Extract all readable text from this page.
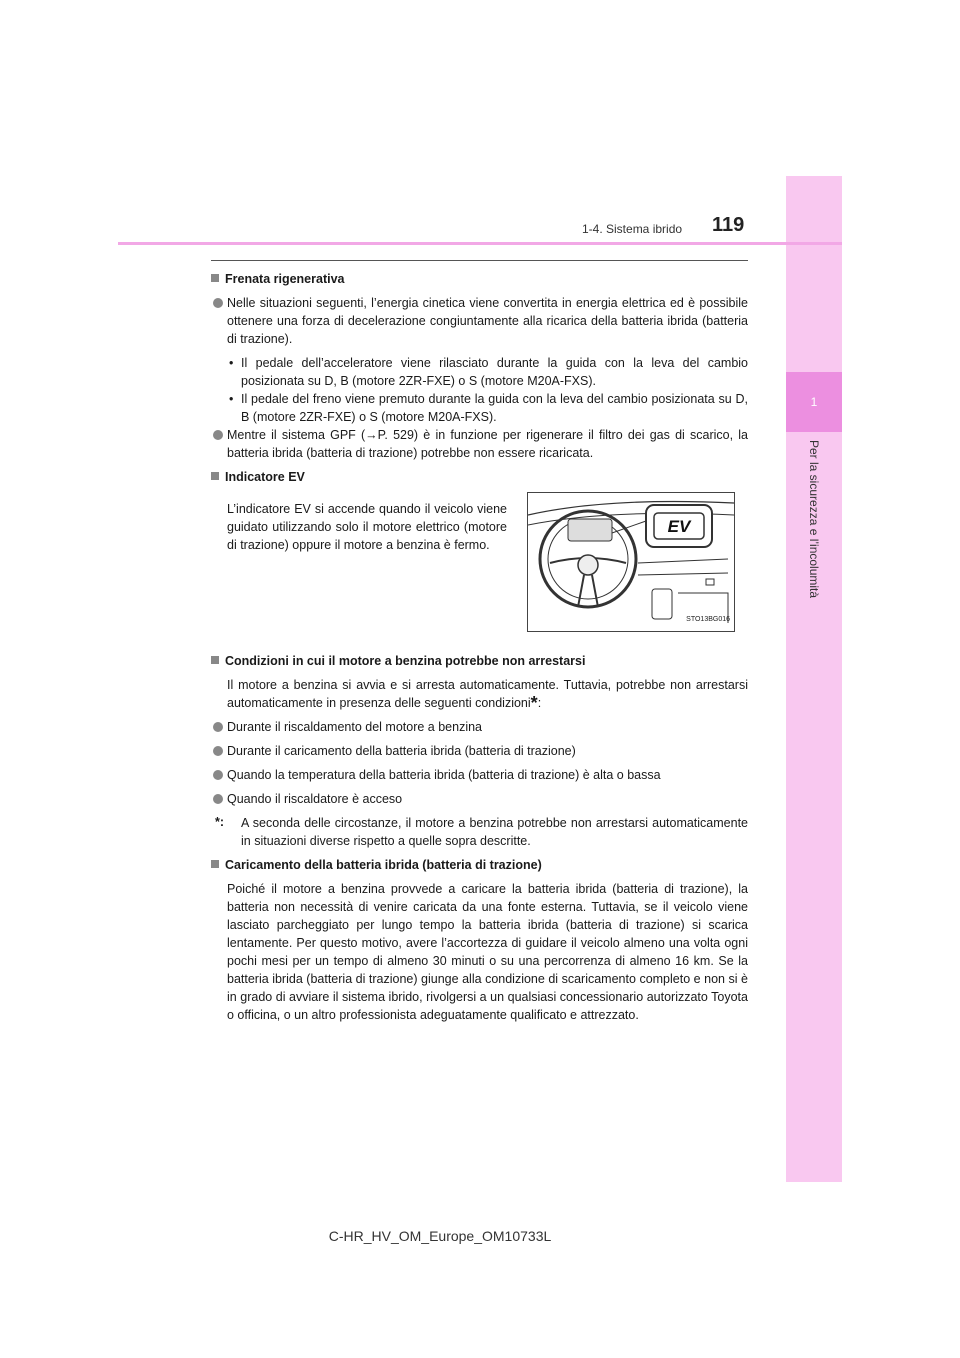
1
Per la sicurezza e l’incolumità
1-4. Sistema ibrido 119
Frenata rigenerativa
Nelle situazioni seguenti, l’energia cinetica viene convertita in energia elettrica ed è possibile ottenere una forza di decelerazione congiuntamente alla ricarica della batteria ibrida (batteria di trazione).
• Il pedale dell’acceleratore viene rilasciato durante la guida con la leva del cambio posizionata su D, B (motore 2ZR-FXE) o S (motore M20A-FXS).
• Il pedale del freno viene premuto durante la guida con la leva del cambio posizionata su D, B (motore 2ZR-FXE) o S (motore M20A-FXS).
Mentre il sistema GPF (→P. 529) è in funzione per rigenerare il filtro dei gas di scarico, la batteria ibrida (batteria di trazione) potrebbe non essere ricaricata.
Indicatore EV
L’indicatore EV si accende quando il veicolo viene guidato utilizzando solo il motore elettrico (motore di trazione) oppure il motore a benzina è fermo.
EV
STO13BG016
Condizioni in cui il motore a benzina potrebbe non arrestarsi
Il motore a benzina si avvia e si arresta automaticamente. Tuttavia, potrebbe non arrestarsi automaticamente in presenza delle seguenti condizioni*:
Durante il riscaldamento del motore a benzina
Durante il caricamento della batteria ibrida (batteria di trazione)
Quando la temperatura della batteria ibrida (batteria di trazione) è alta o bassa
Quando il riscaldatore è acceso
*: A seconda delle circostanze, il motore a benzina potrebbe non arrestarsi automaticamente in situazioni diverse rispetto a quelle sopra descritte.
Caricamento della batteria ibrida (batteria di trazione)
Poiché il motore a benzina provvede a caricare la batteria ibrida (batteria di trazione), la batteria non necessità di venire caricata da una fonte esterna. Tuttavia, se il veicolo viene lasciato parcheggiato per lungo tempo la batteria ibrida (batteria di trazione) si scarica lentamente. Per questo motivo, avere l’accortezza di guidare il veicolo almeno una volta ogni pochi mesi per un tempo di almeno 30 minuti o su una percorrenza di almeno 16 km. Se la batteria ibrida (batteria di trazione) giunge alla condizione di scaricamento completo e non si è in grado di avviare il sistema ibrido, rivolgersi a un qualsiasi concessionario autorizzato Toyota o officina, o un altro professionista adeguatamente qualificato e attrezzato.
C-HR_HV_OM_Europe_OM10733L
